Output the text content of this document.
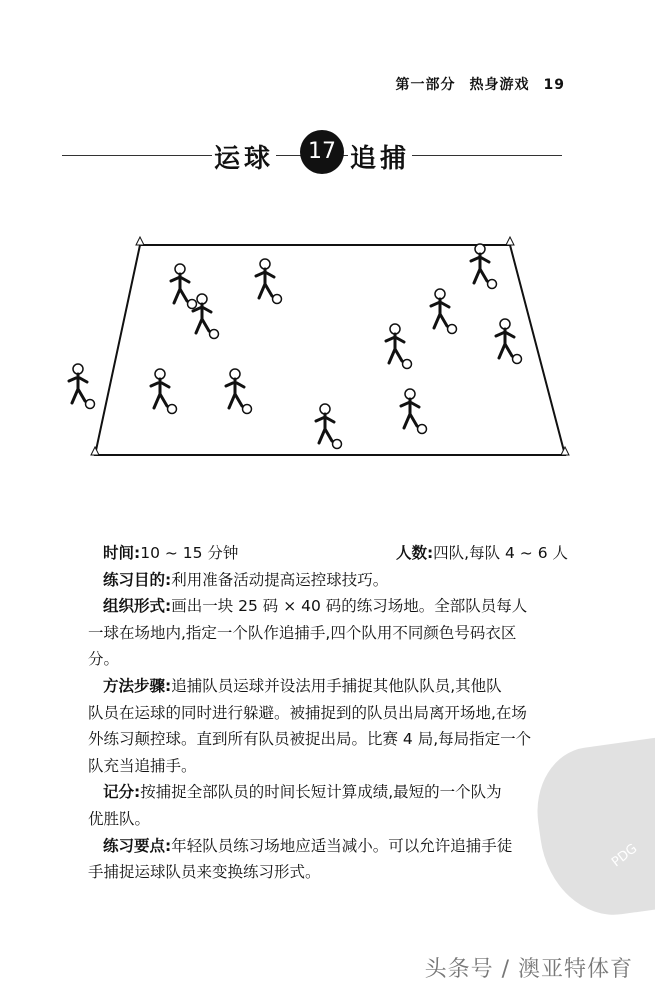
第一部分 热身游戏 19
运球	17 追捕
时间:10 ~ 15 分钟	人数:四队,每队 4 ~ 6 人
练习目的:利用准备活动提高运控球技巧。
组织形式:画出一块 25 码 × 40 码的练习场地。全部队员每人
一球在场地内,指定一个队作追捕手,四个队用不同颜色号码衣区
分。
方法步骤:追捕队员运球并设法用手捕捉其他队队员,其他队
队员在运球的同时进行躲避。被捕捉到的队员出局离开场地,在场
外练习颠控球。直到所有队员被捉出局。比赛 4 局,每局指定一个
队充当追捕手。
记分:按捕捉全部队员的时间长短计算成绩,最短的一个队为
优胜队。
练习要点:年轻队员练习场地应适当减小。可以允许追捕手徒
手捕捉运球队员来变换练习形式。
PDG
头条号 / 澳亚特体育
